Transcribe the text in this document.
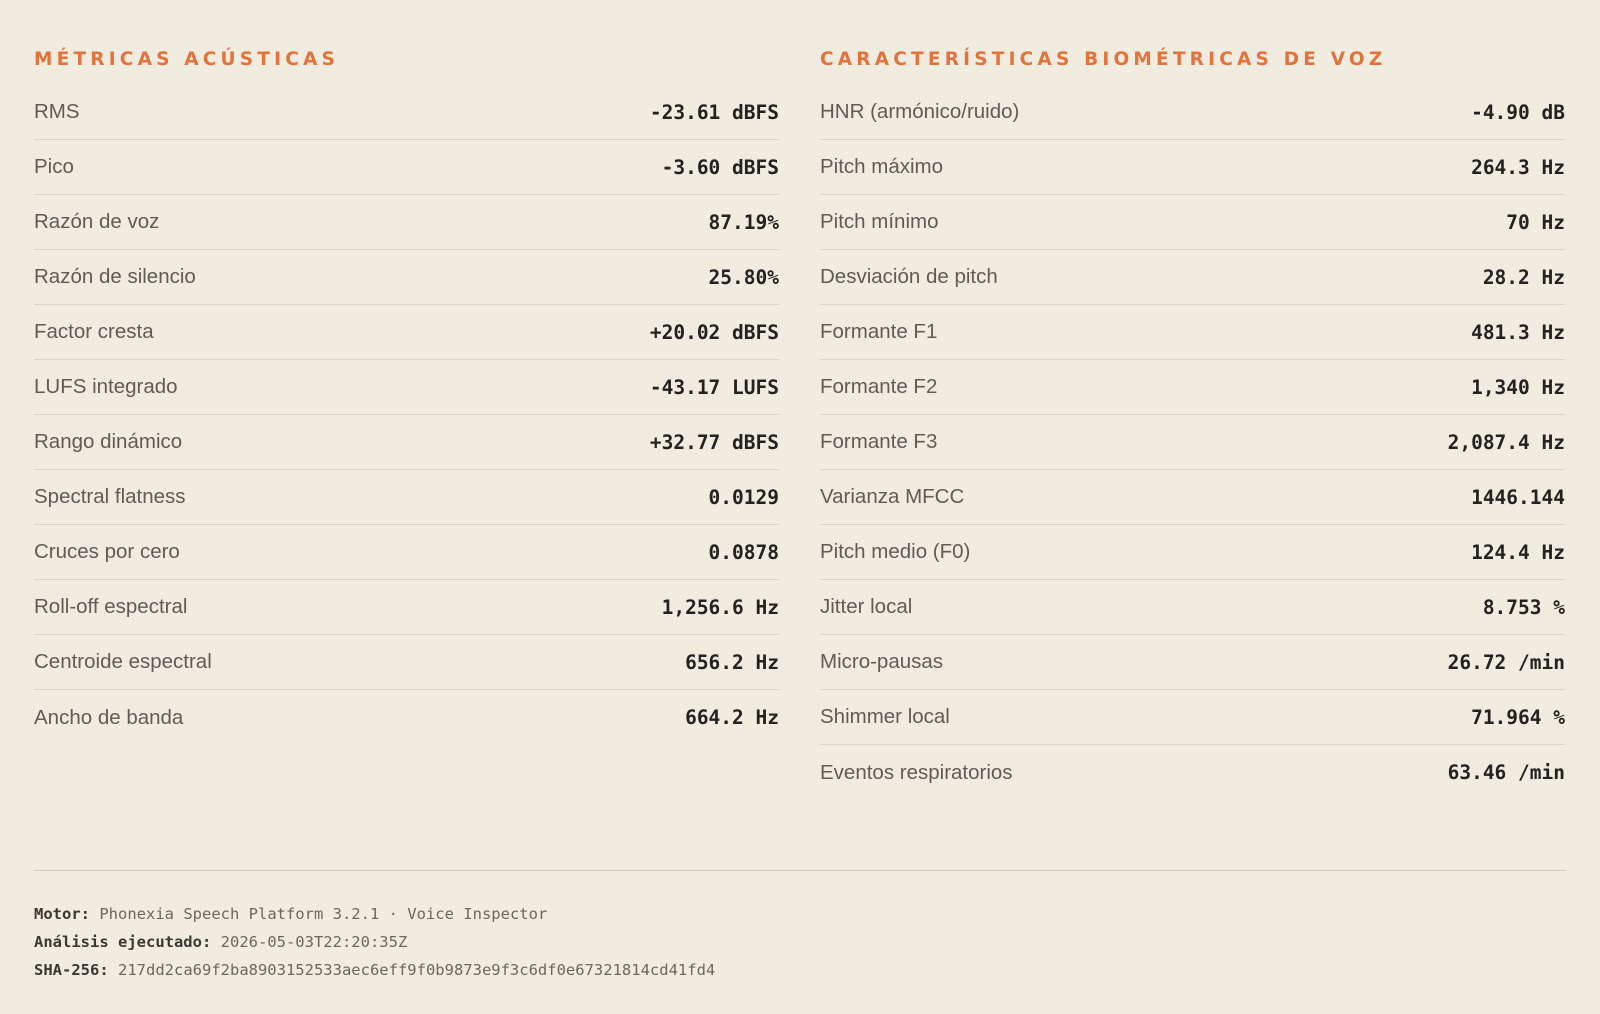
MÉTRICAS ACÚSTICAS
RMS	-23.61 dBFS
Pico	-3.60 dBFS
Razón de voz	87.19%
Razón de silencio	25.80%
Factor cresta	+20.02 dBFS
LUFS integrado	-43.17 LUFS
Rango dinámico	+32.77 dBFS
Spectral flatness	0.0129
Cruces por cero	0.0878
Roll-off espectral	1,256.6 Hz
Centroide espectral	656.2 Hz
Ancho de banda	664.2 Hz
CARACTERÍSTICAS BIOMÉTRICAS DE VOZ
HNR (armónico/ruido)	-4.90 dB
Pitch máximo	264.3 Hz
Pitch mínimo	70 Hz
Desviación de pitch	28.2 Hz
Formante F1	481.3 Hz
Formante F2	1,340 Hz
Formante F3	2,087.4 Hz
Varianza MFCC	1446.144
Pitch medio (F0)	124.4 Hz
Jitter local	8.753 %
Micro-pausas	26.72 /min
Shimmer local	71.964 %
Eventos respiratorios	63.46 /min
Motor: Phonexia Speech Platform 3.2.1 · Voice Inspector
Análisis ejecutado: 2026-05-03T22:20:35Z
SHA-256: 217dd2ca69f2ba8903152533aec6eff9f0b9873e9f3c6df0e67321814cd41fd4
